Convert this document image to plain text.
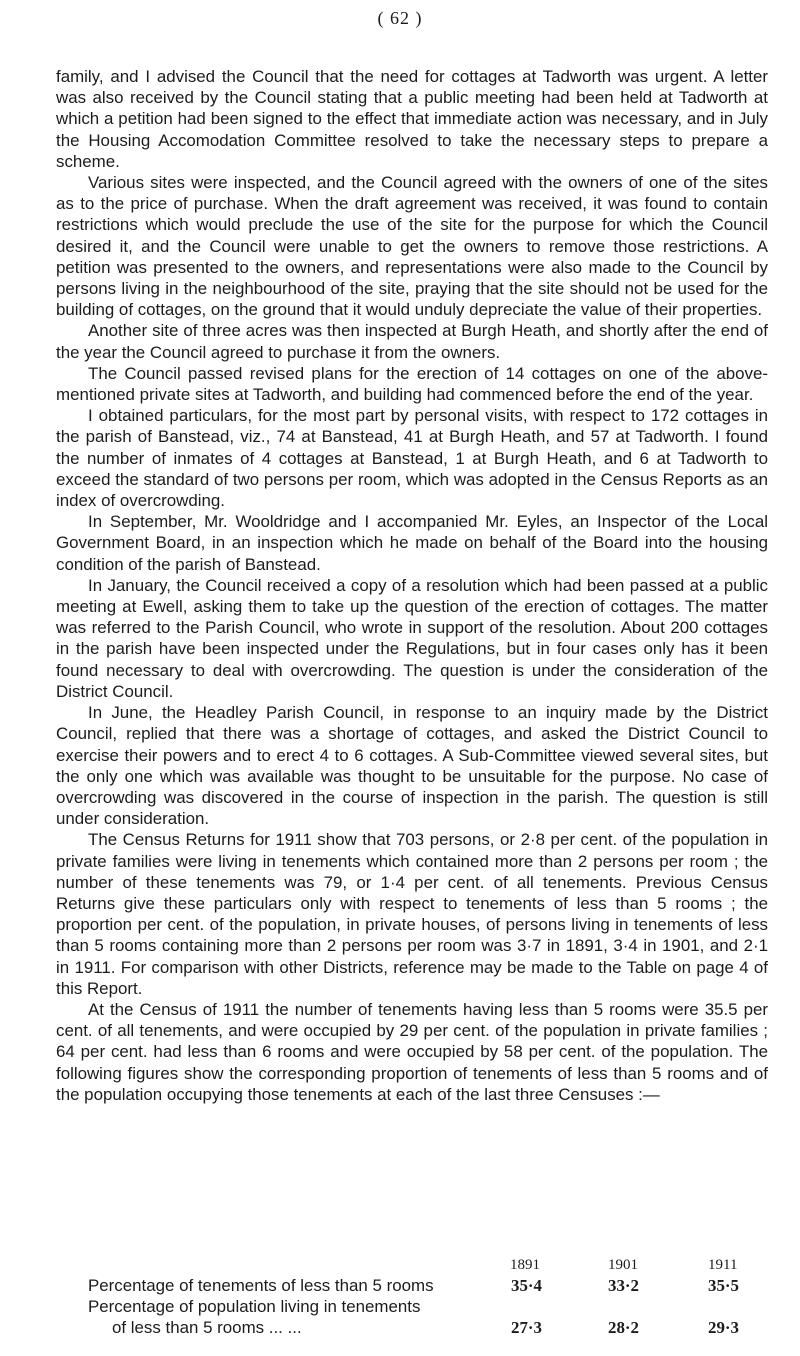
( 62 )

family, and I advised the Council that the need for cottages at Tadworth was urgent. A letter was also received by the Council stating that a public meeting had been held at Tadworth at which a petition had been signed to the effect that immediate action was necessary, and in July the Housing Accomodation Committee resolved to take the necessary steps to prepare a scheme.

Various sites were inspected, and the Council agreed with the owners of one of the sites as to the price of purchase. When the draft agreement was received, it was found to contain restrictions which would preclude the use of the site for the purpose for which the Council desired it, and the Council were unable to get the owners to remove those restrictions. A petition was presented to the owners, and representations were also made to the Council by persons living in the neighbourhood of the site, praying that the site should not be used for the building of cottages, on the ground that it would unduly depreciate the value of their properties.

Another site of three acres was then inspected at Burgh Heath, and shortly after the end of the year the Council agreed to purchase it from the owners.

The Council passed revised plans for the erection of 14 cottages on one of the above-mentioned private sites at Tadworth, and building had commenced before the end of the year.

I obtained particulars, for the most part by personal visits, with respect to 172 cottages in the parish of Banstead, viz., 74 at Banstead, 41 at Burgh Heath, and 57 at Tadworth. I found the number of inmates of 4 cottages at Banstead, 1 at Burgh Heath, and 6 at Tadworth to exceed the standard of two persons per room, which was adopted in the Census Reports as an index of overcrowding.

In September, Mr. Wooldridge and I accompanied Mr. Eyles, an Inspector of the Local Government Board, in an inspection which he made on behalf of the Board into the housing condition of the parish of Banstead.

In January, the Council received a copy of a resolution which had been passed at a public meeting at Ewell, asking them to take up the question of the erection of cottages. The matter was referred to the Parish Council, who wrote in support of the resolution. About 200 cottages in the parish have been inspected under the Regulations, but in four cases only has it been found necessary to deal with overcrowding. The question is under the consideration of the District Council.

In June, the Headley Parish Council, in response to an inquiry made by the District Council, replied that there was a shortage of cottages, and asked the District Council to exercise their powers and to erect 4 to 6 cottages. A Sub-Committee viewed several sites, but the only one which was available was thought to be unsuitable for the purpose. No case of overcrowding was discovered in the course of inspection in the parish. The question is still under consideration.

The Census Returns for 1911 show that 703 persons, or 2·8 per cent. of the population in private families were living in tenements which contained more than 2 persons per room ; the number of these tenements was 79, or 1·4 per cent. of all tenements. Previous Census Returns give these particulars only with respect to tenements of less than 5 rooms ; the proportion per cent. of the population, in private houses, of persons living in tenements of less than 5 rooms containing more than 2 persons per room was 3·7 in 1891, 3·4 in 1901, and 2·1 in 1911. For comparison with other Districts, reference may be made to the Table on page 4 of this Report.

At the Census of 1911 the number of tenements having less than 5 rooms were 35.5 per cent. of all tenements, and were occupied by 29 per cent. of the population in private families ; 64 per cent. had less than 6 rooms and were occupied by 58 per cent. of the population. The following figures show the corresponding proportion of tenements of less than 5 rooms and of the population occupying those tenements at each of the last three Censuses :—

1891	1901	1911
Percentage of tenements of less than 5 rooms	35·4	33·2	35·5
Percentage of population living in tenements
of less than 5 rooms ... ...	27·3	28·2	29·3
